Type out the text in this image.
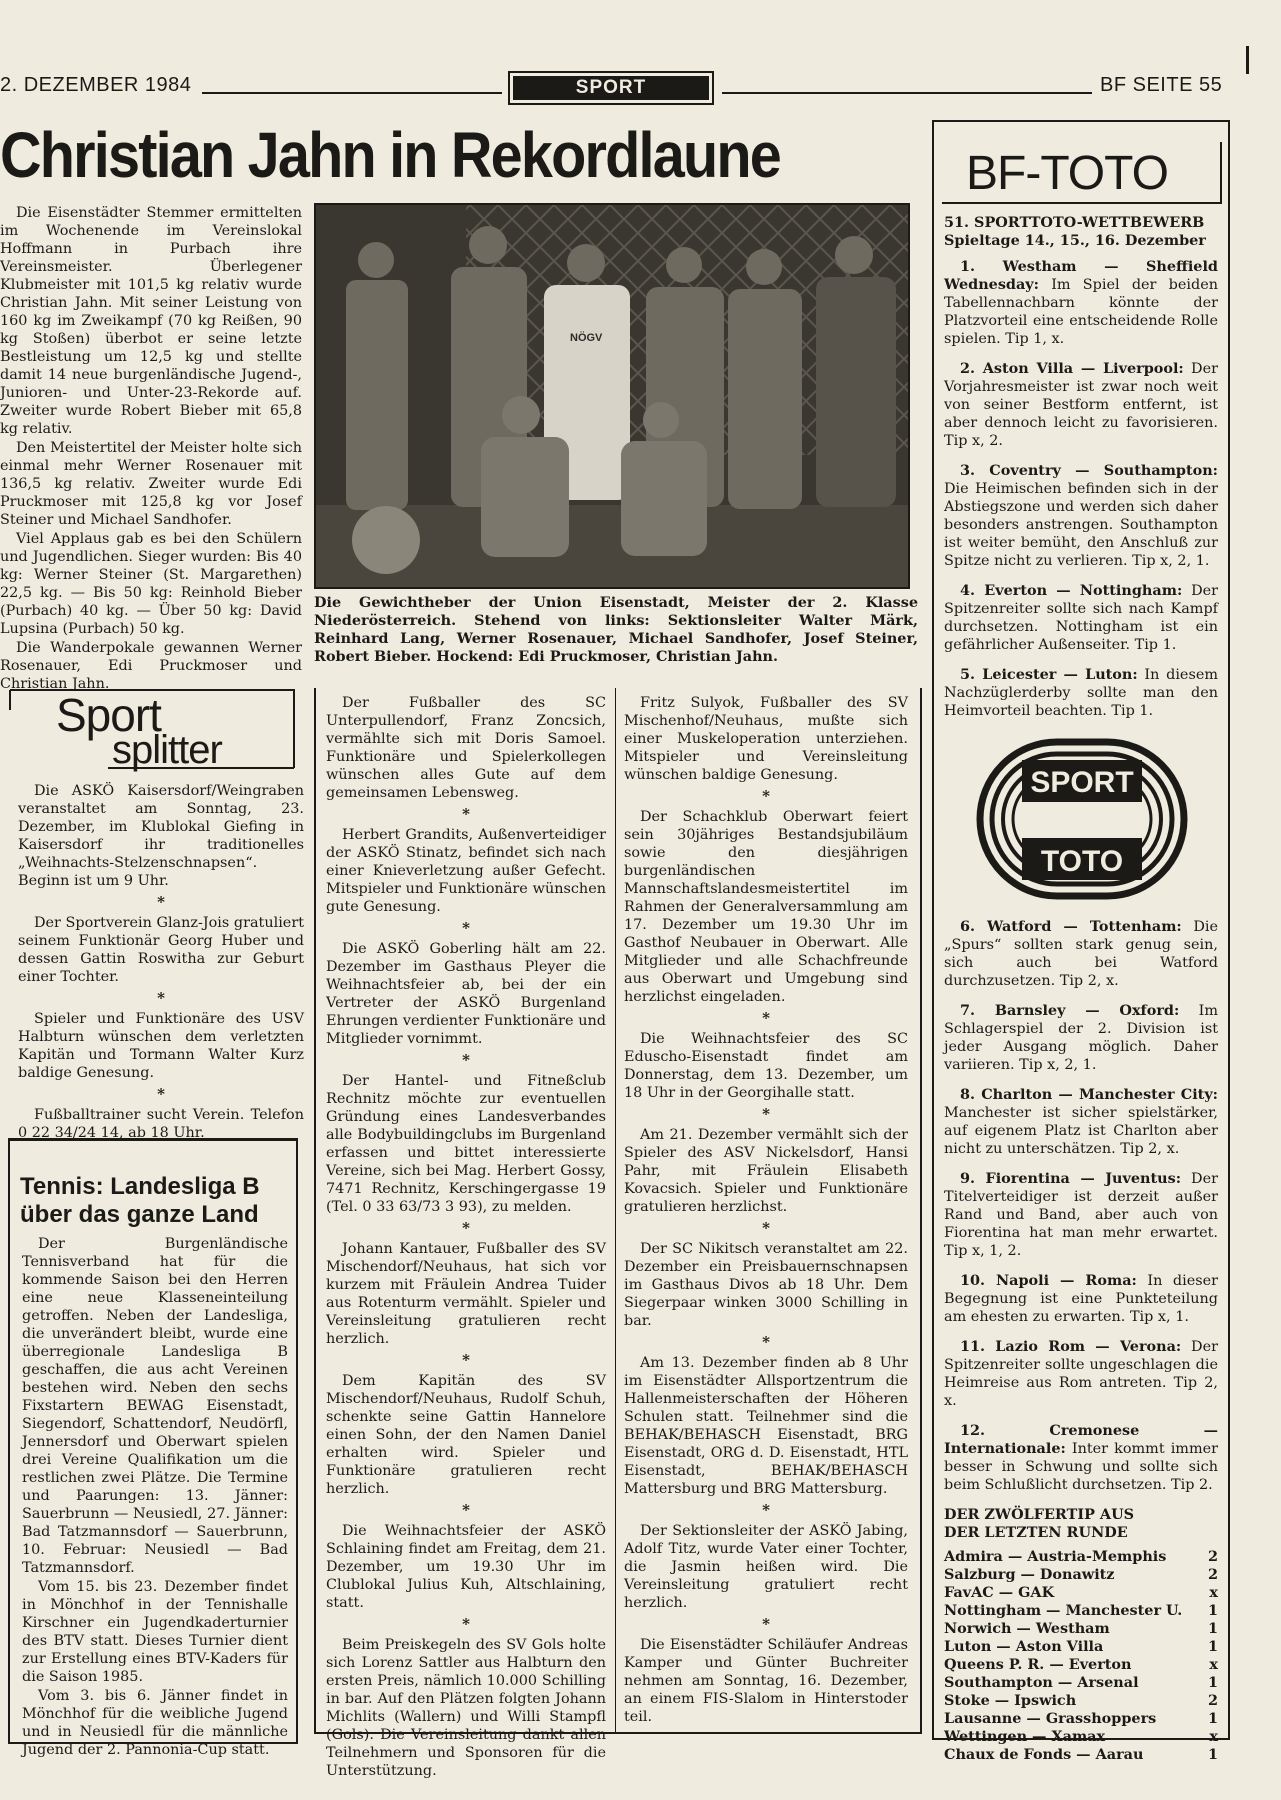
2. DEZEMBER 1984	SPORT	BF SEITE 55
Christian Jahn in Rekordlaune

Die Eisenstädter Stemmer ermittelten im Wochenende im Vereinslokal Hoffmann in Purbach ihre Vereinsmeister. Überlegener Klubmeister mit 101,5 kg relativ wurde Christian Jahn. Mit seiner Leistung von 160 kg im Zweikampf (70 kg Reißen, 90 kg Stoßen) überbot er seine letzte Bestleistung um 12,5 kg und stellte damit 14 neue burgenländische Jugend-, Junioren- und Unter-23-Rekorde auf. Zweiter wurde Robert Bieber mit 65,8 kg relativ.

Den Meistertitel der Meister holte sich einmal mehr Werner Rosenauer mit 136,5 kg relativ. Zweiter wurde Edi Pruckmoser mit 125,8 kg vor Josef Steiner und Michael Sandhofer.

Viel Applaus gab es bei den Schülern und Jugendlichen. Sieger wurden: Bis 40 kg: Werner Steiner (St. Margarethen) 22,5 kg. — Bis 50 kg: Reinhold Bieber (Purbach) 40 kg. — Über 50 kg: David Lupsina (Purbach) 50 kg.

Die Wanderpokale gewannen Werner Rosenauer, Edi Pruckmoser und Christian Jahn.

NÖGV
Die Gewichtheber der Union Eisenstadt, Meister der 2. Klasse Niederösterreich. Stehend von links: Sektionsleiter Walter Märk, Reinhard Lang, Werner Rosenauer, Michael Sandhofer, Josef Steiner, Robert Bieber. Hockend: Edi Pruckmoser, Christian Jahn.
Sport
splitter

Die ASKÖ Kaisersdorf/Weingraben veranstaltet am Sonntag, 23. Dezember, im Klublokal Giefing in Kaisersdorf ihr traditionelles „Weihnachts-Stelzenschnapsen“. Beginn ist um 9 Uhr.

*

Der Sportverein Glanz-Jois gratuliert seinem Funktionär Georg Huber und dessen Gattin Roswitha zur Geburt einer Tochter.

*

Spieler und Funktionäre des USV Halbturn wünschen dem verletzten Kapitän und Tormann Walter Kurz baldige Genesung.

*

Fußballtrainer sucht Verein. Telefon 0 22 34/24 14, ab 18 Uhr.

Tennis: Landesliga B über das ganze Land

Der Burgenländische Tennisverband hat für die kommende Saison bei den Herren eine neue Klasseneinteilung getroffen. Neben der Landesliga, die unverändert bleibt, wurde eine überregionale Landesliga B geschaffen, die aus acht Vereinen bestehen wird. Neben den sechs Fixstartern BEWAG Eisenstadt, Siegendorf, Schattendorf, Neudörfl, Jennersdorf und Oberwart spielen drei Vereine Qualifikation um die restlichen zwei Plätze. Die Termine und Paarungen: 13. Jänner: Sauerbrunn — Neusiedl, 27. Jänner: Bad Tatzmannsdorf — Sauerbrunn, 10. Februar: Neusiedl — Bad Tatzmannsdorf.

Vom 15. bis 23. Dezember findet in Mönchhof in der Tennishalle Kirschner ein Jugendkaderturnier des BTV statt. Dieses Turnier dient zur Erstellung eines BTV-Kaders für die Saison 1985.

Vom 3. bis 6. Jänner findet in Mönchhof für die weibliche Jugend und in Neusiedl für die männliche Jugend der 2. Pannonia-Cup statt.

Der Fußballer des SC Unterpullendorf, Franz Zoncsich, vermählte sich mit Doris Samoel. Funktionäre und Spielerkollegen wünschen alles Gute auf dem gemeinsamen Lebensweg.

*

Herbert Grandits, Außenverteidiger der ASKÖ Stinatz, befindet sich nach einer Knieverletzung außer Gefecht. Mitspieler und Funktionäre wünschen gute Genesung.

*

Die ASKÖ Goberling hält am 22. Dezember im Gasthaus Pleyer die Weihnachtsfeier ab, bei der ein Vertreter der ASKÖ Burgenland Ehrungen verdienter Funktionäre und Mitglieder vornimmt.

*

Der Hantel- und Fitneßclub Rechnitz möchte zur eventuellen Gründung eines Landesverbandes alle Bodybuildingclubs im Burgenland erfassen und bittet interessierte Vereine, sich bei Mag. Herbert Gossy, 7471 Rechnitz, Kerschingergasse 19 (Tel. 0 33 63/73 3 93), zu melden.

*

Johann Kantauer, Fußballer des SV Mischendorf/Neuhaus, hat sich vor kurzem mit Fräulein Andrea Tuider aus Rotenturm vermählt. Spieler und Vereinsleitung gratulieren recht herzlich.

*

Dem Kapitän des SV Mischendorf/Neuhaus, Rudolf Schuh, schenkte seine Gattin Hannelore einen Sohn, der den Namen Daniel erhalten wird. Spieler und Funktionäre gratulieren recht herzlich.

*

Die Weihnachtsfeier der ASKÖ Schlaining findet am Freitag, dem 21. Dezember, um 19.30 Uhr im Clublokal Julius Kuh, Altschlaining, statt.

*

Beim Preiskegeln des SV Gols holte sich Lorenz Sattler aus Halbturn den ersten Preis, nämlich 10.000 Schilling in bar. Auf den Plätzen folgten Johann Michlits (Wallern) und Willi Stampfl (Gols). Die Vereinsleitung dankt allen Teilnehmern und Sponsoren für die Unterstützung.

Fritz Sulyok, Fußballer des SV Mischenhof/Neuhaus, mußte sich einer Muskeloperation unterziehen. Mitspieler und Vereinsleitung wünschen baldige Genesung.

*

Der Schachklub Oberwart feiert sein 30jähriges Bestandsjubiläum sowie den diesjährigen burgenländischen Mannschaftslandesmeistertitel im Rahmen der Generalversammlung am 17. Dezember um 19.30 Uhr im Gasthof Neubauer in Oberwart. Alle Mitglieder und alle Schachfreunde aus Oberwart und Umgebung sind herzlichst eingeladen.

*

Die Weihnachtsfeier des SC Edusсho-Eisenstadt findet am Donnerstag, dem 13. Dezember, um 18 Uhr in der Georgihalle statt.

*

Am 21. Dezember vermählt sich der Spieler des ASV Nickelsdorf, Hansi Pahr, mit Fräulein Elisabeth Kovacsich. Spieler und Funktionäre gratulieren herzlichst.

*

Der SC Nikitsch veranstaltet am 22. Dezember ein Preisbauernschnapsen im Gasthaus Divos ab 18 Uhr. Dem Siegerpaar winken 3000 Schilling in bar.

*

Am 13. Dezember finden ab 8 Uhr im Eisenstädter Allsportzentrum die Hallenmeisterschaften der Höheren Schulen statt. Teilnehmer sind die BEHAK/BEHASCH Eisenstadt, BRG Eisenstadt, ORG d. D. Eisenstadt, HTL Eisenstadt, BEHAK/BEHASCH Mattersburg und BRG Mattersburg.

*

Der Sektionsleiter der ASKÖ Jabing, Adolf Titz, wurde Vater einer Tochter, die Jasmin heißen wird. Die Vereinsleitung gratuliert recht herzlich.

*

Die Eisenstädter Schiläufer Andreas Kamper und Günter Buchreiter nehmen am Sonntag, 16. Dezember, an einem FIS-Slalom in Hinterstoder teil.

BF-TOTO
51. SPORTTOTO-WETTBEWERB
Spieltage 14., 15., 16. Dezember

1. Westham — Sheffield Wednesday: Im Spiel der beiden Tabellennachbarn könnte der Platzvorteil eine entscheidende Rolle spielen. Tip 1, x.

2. Aston Villa — Liverpool: Der Vorjahresmeister ist zwar noch weit von seiner Bestform entfernt, ist aber dennoch leicht zu favorisieren. Tip x, 2.

3. Coventry — Southampton: Die Heimischen befinden sich in der Abstiegszone und werden sich daher besonders anstrengen. Southampton ist weiter bemüht, den Anschluß zur Spitze nicht zu verlieren. Tip x, 2, 1.

4. Everton — Nottingham: Der Spitzenreiter sollte sich nach Kampf durchsetzen. Nottingham ist ein gefährlicher Außenseiter. Tip 1.

5. Leicester — Luton: In diesem Nachzüglerderby sollte man den Heimvorteil beachten. Tip 1.

SPORT
TOTO

6. Watford — Tottenham: Die „Spurs“ sollten stark genug sein, sich auch bei Watford durchzusetzen. Tip 2, x.

7. Barnsley — Oxford: Im Schlagerspiel der 2. Division ist jeder Ausgang möglich. Daher variieren. Tip x, 2, 1.

8. Charlton — Manchester City: Manchester ist sicher spielstärker, auf eigenem Platz ist Charlton aber nicht zu unterschätzen. Tip 2, x.

9. Fiorentina — Juventus: Der Titelverteidiger ist derzeit außer Rand und Band, aber auch von Fiorentina hat man mehr erwartet. Tip x, 1, 2.

10. Napoli — Roma: In dieser Begegnung ist eine Punkteteilung am ehesten zu erwarten. Tip x, 1.

11. Lazio Rom — Verona: Der Spitzenreiter sollte ungeschlagen die Heimreise aus Rom antreten. Tip 2, x.

12. Cremonese — Internationale: Inter kommt immer besser in Schwung und sollte sich beim Schlußlicht durchsetzen. Tip 2.

DER ZWÖLFERTIP AUS DER LETZTEN RUNDE
Admira — Austria-Memphis	2
Salzburg — Donawitz	2
FavAC — GAK	x
Nottingham — Manchester U.	1
Norwich — Westham	1
Luton — Aston Villa	1
Queens P. R. — Everton	x
Southampton — Arsenal	1
Stoke — Ipswich	2
Lausanne — Grasshoppers	1
Wettingen — Xamax	x
Chaux de Fonds — Aarau	1
